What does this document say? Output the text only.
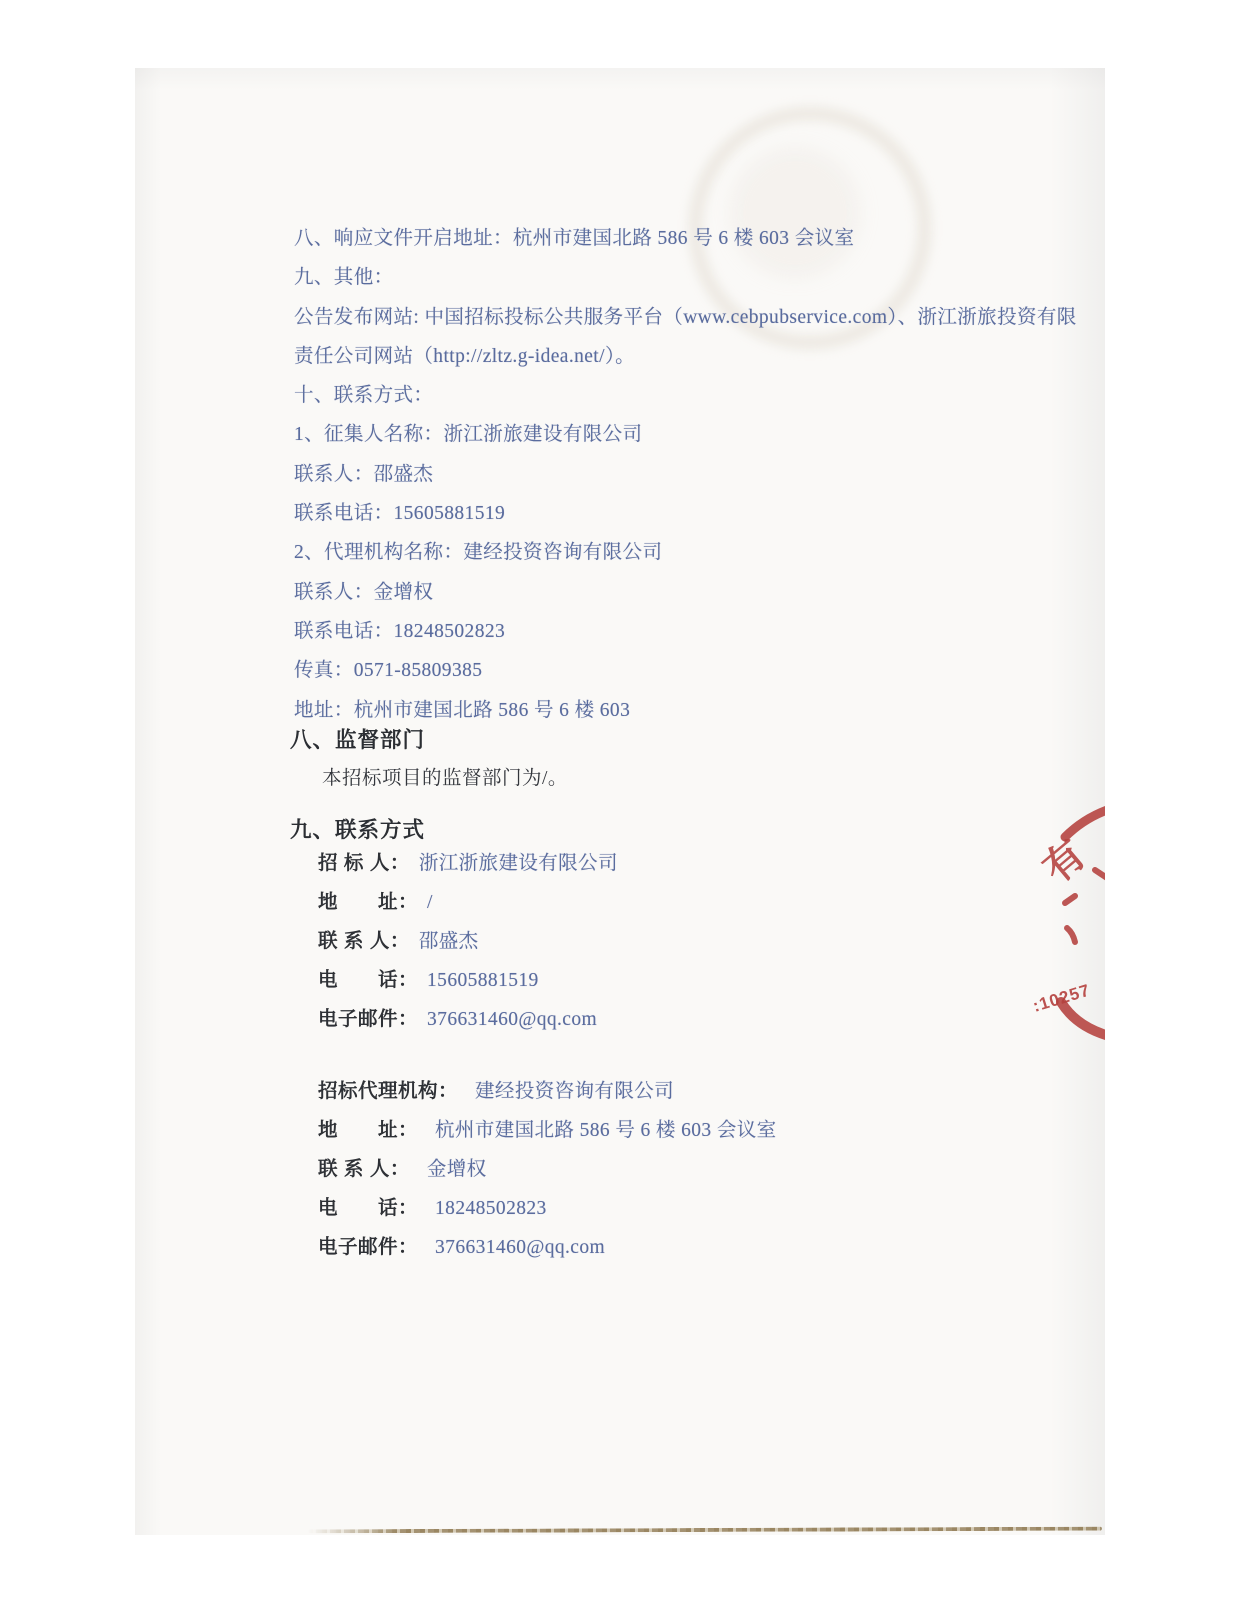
八、响应文件开启地址：杭州市建国北路 586 号 6 楼 603 会议室
九、其他：
公告发布网站: 中国招标投标公共服务平台（www.cebpubservice.com）、浙江浙旅投资有限
责任公司网站（http://zltz.g-idea.net/）。
十、联系方式：
1、征集人名称：浙江浙旅建设有限公司
联系人：邵盛杰
联系电话：15605881519
2、代理机构名称：建经投资咨询有限公司
联系人：金增权
联系电话：18248502823
传真：0571-85809385
地址：杭州市建国北路 586 号 6 楼 603
八、监督部门

本招标项目的监督部门为/。

九、联系方式
招 标 人： 浙江浙旅建设有限公司
地　　址： /
联 系 人： 邵盛杰
电　　话： 15605881519
电子邮件： 376631460@qq.com
招标代理机构： 建经投资咨询有限公司
地　　址： 杭州市建国北路 586 号 6 楼 603 会议室
联 系 人： 金增权
电　　话： 18248502823
电子邮件： 376631460@qq.com
有
:10257
